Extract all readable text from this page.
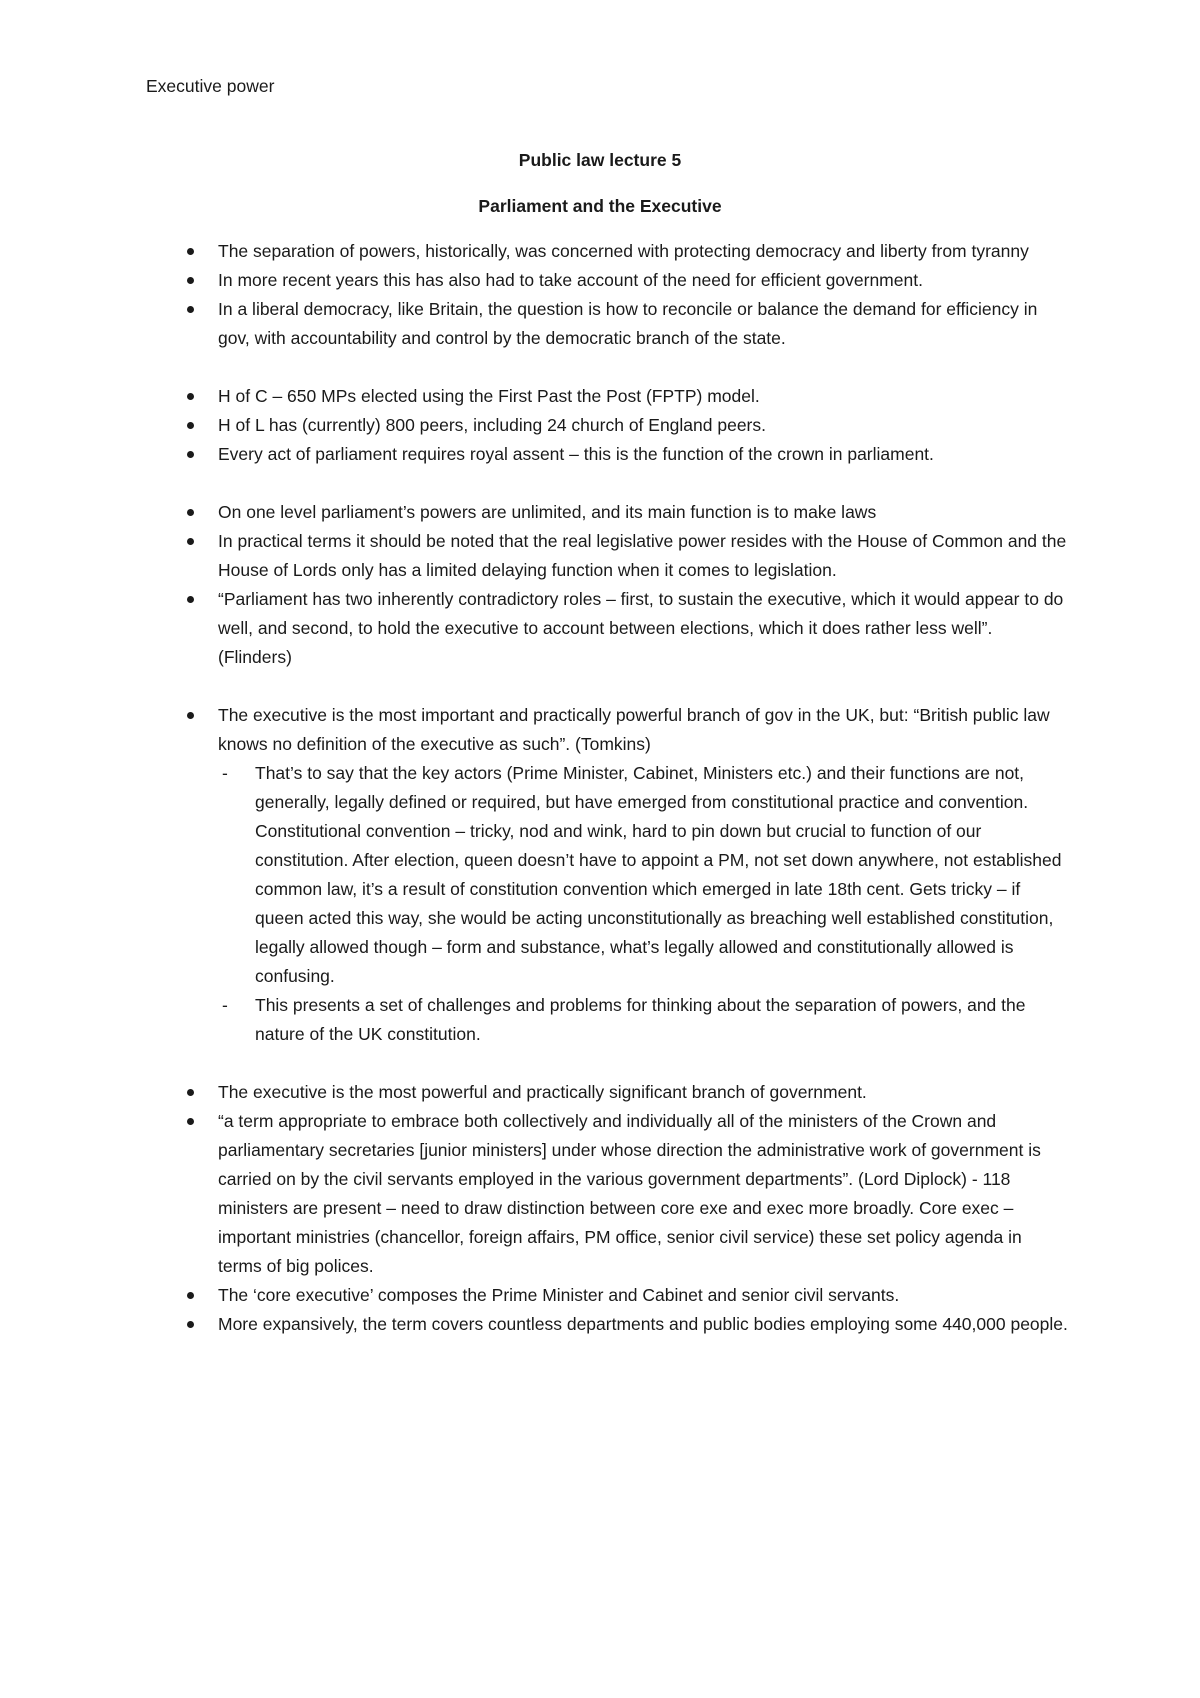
Executive power
Public law lecture 5
Parliament and the Executive
The separation of powers, historically, was concerned with protecting democracy and liberty from tyranny
In more recent years this has also had to take account of the need for efficient government.
In a liberal democracy, like Britain, the question is how to reconcile or balance the demand for efficiency in gov, with accountability and control by the democratic branch of the state.
H of C – 650 MPs elected using the First Past the Post (FPTP) model.
H of L has (currently) 800 peers, including 24 church of England peers.
Every act of parliament requires royal assent – this is the function of the crown in parliament.
On one level parliament’s powers are unlimited, and its main function is to make laws
In practical terms it should be noted that the real legislative power resides with the House of Common and the House of Lords only has a limited delaying function when it comes to legislation.
“Parliament has two inherently contradictory roles – first, to sustain the executive, which it would appear to do well, and second, to hold the executive to account between elections, which it does rather less well”. (Flinders)
The executive is the most important and practically powerful branch of gov in the UK, but: “British public law knows no definition of the executive as such”. (Tomkins)
- That’s to say that the key actors (Prime Minister, Cabinet, Ministers etc.) and their functions are not, generally, legally defined or required, but have emerged from constitutional practice and convention. Constitutional convention – tricky, nod and wink, hard to pin down but crucial to function of our constitution. After election, queen doesn’t have to appoint a PM, not set down anywhere, not established common law, it’s a result of constitution convention which emerged in late 18th cent. Gets tricky – if queen acted this way, she would be acting unconstitutionally as breaching well established constitution, legally allowed though – form and substance, what’s legally allowed and constitutionally allowed is confusing.
- This presents a set of challenges and problems for thinking about the separation of powers, and the nature of the UK constitution.
The executive is the most powerful and practically significant branch of government.
“a term appropriate to embrace both collectively and individually all of the ministers of the Crown and parliamentary secretaries [junior ministers] under whose direction the administrative work of government is carried on by the civil servants employed in the various government departments”. (Lord Diplock) - 118 ministers are present – need to draw distinction between core exe and exec more broadly. Core exec – important ministries (chancellor, foreign affairs, PM office, senior civil service) these set policy agenda in terms of big polices.
The ‘core executive’ composes the Prime Minister and Cabinet and senior civil servants.
More expansively, the term covers countless departments and public bodies employing some 440,000 people.
